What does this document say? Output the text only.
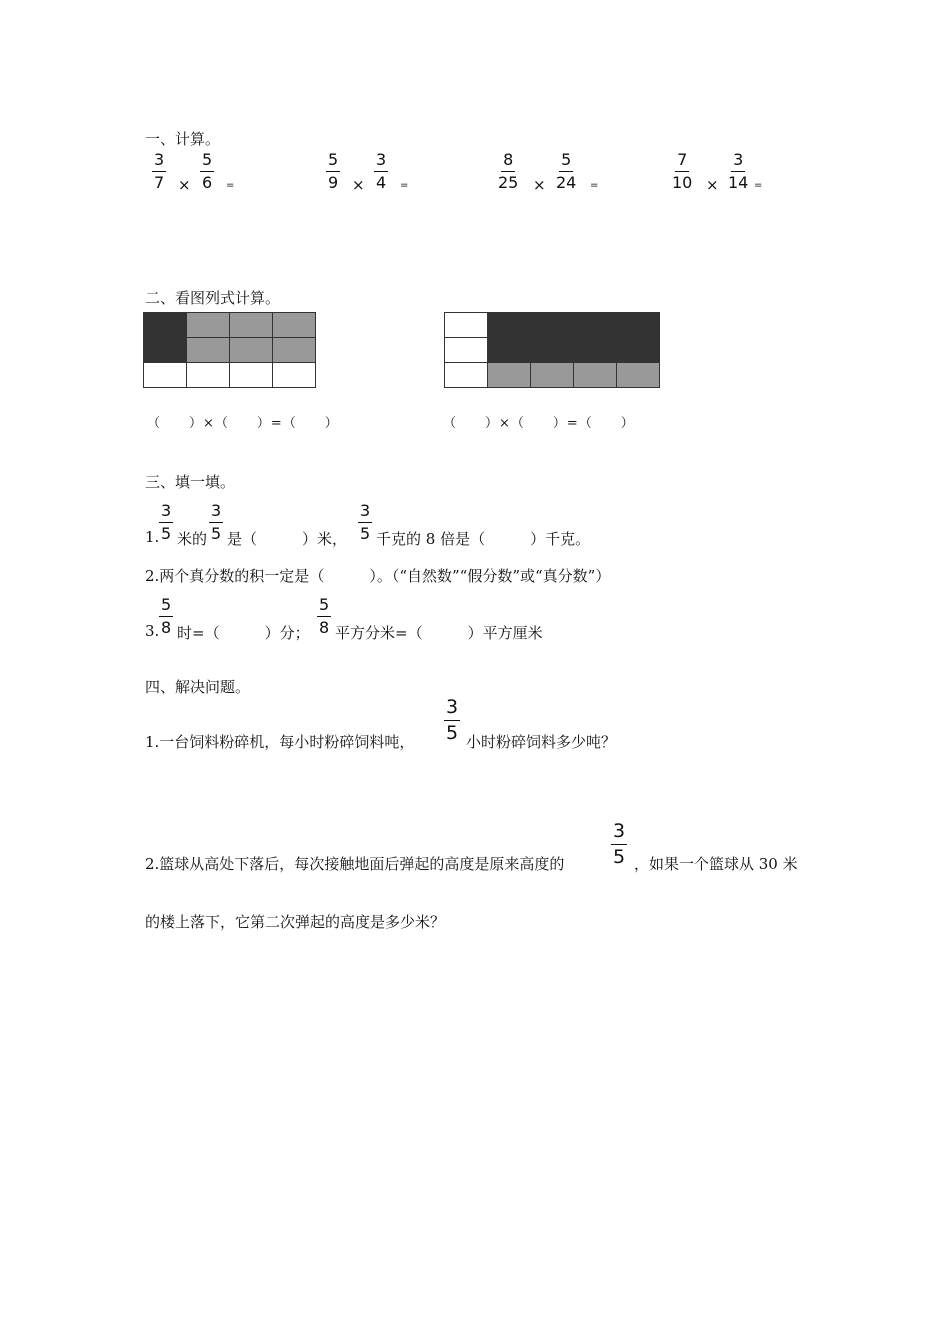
一、计算。
$\frac{3}{7} \times \frac{5}{6}$ =	$\frac{5}{9} \times \frac{3}{4}$ =	$\frac{8}{25} \times \frac{5}{24}$ =	$\frac{7}{10} \times \frac{3}{14}$ =
二、看图列式计算。
（　　）×（　　）=（　　）	（　　）×（　　）=（　　）
三、填一填。
1. $\frac{3}{5}$ 米的 $\frac{3}{5}$ 是（　　　）米， $\frac{3}{5}$ 千克的 8 倍是（　　　）千克。
2.两个真分数的积一定是（　　　）。（“自然数”“假分数”或“真分数”）
3. $\frac{5}{8}$ 时=（　　　）分； $\frac{5}{8}$ 平方分米=（　　　）平方厘米
四、解决问题。
1.一台饲料粉碎机，每小时粉碎饲料吨， $\frac{3}{5}$ 小时粉碎饲料多少吨？
2.篮球从高处下落后，每次接触地面后弹起的高度是原来高度的 $\frac{3}{5}$ ，如果一个篮球从 30 米
的楼上落下，它第二次弹起的高度是多少米？
